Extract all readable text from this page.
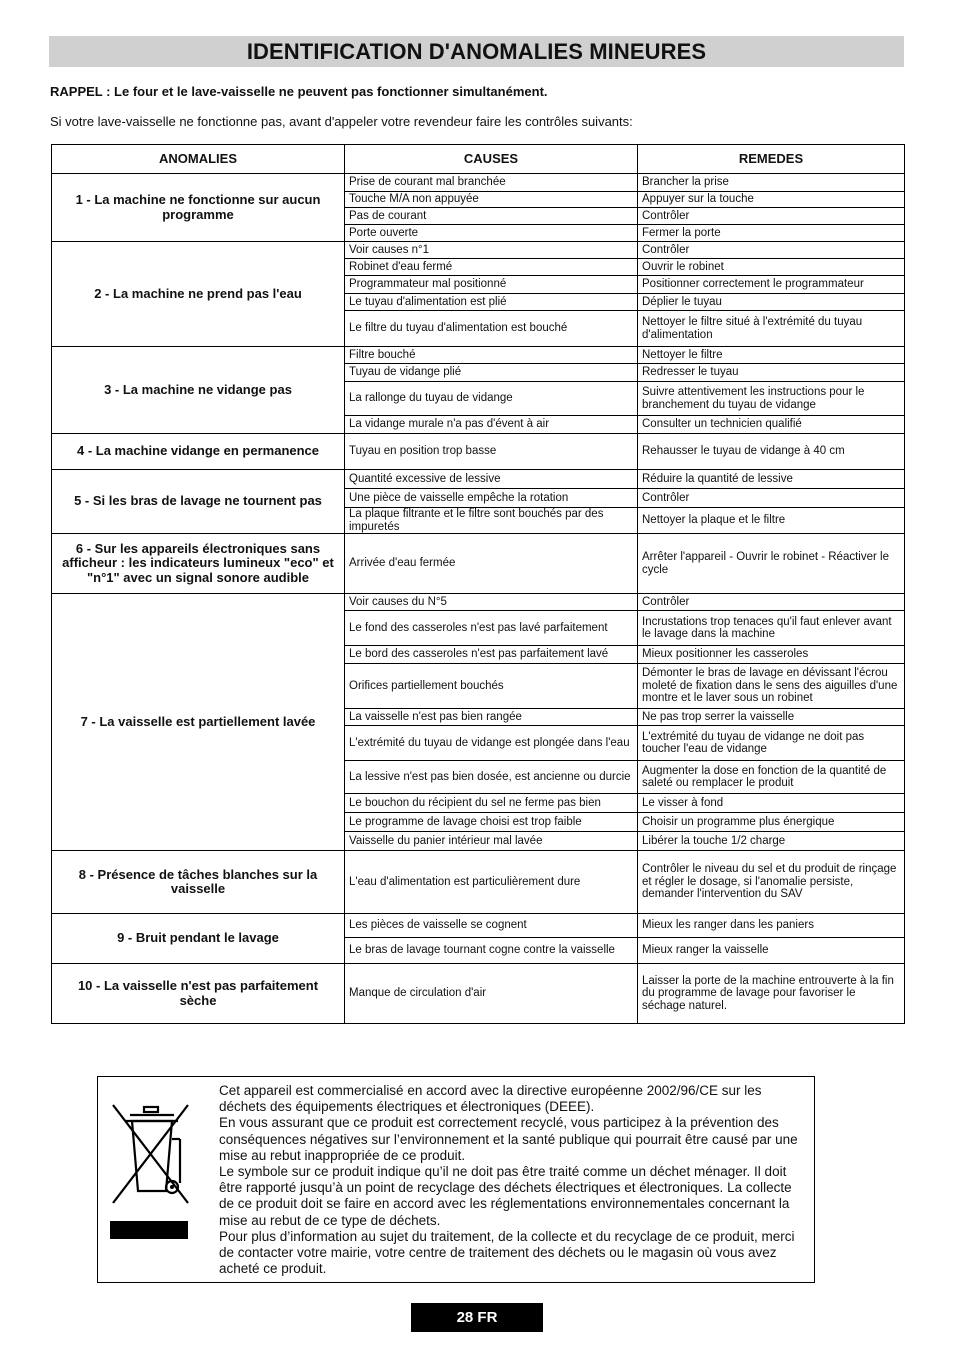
IDENTIFICATION D'ANOMALIES MINEURES
RAPPEL : Le four et le lave-vaisselle ne peuvent pas fonctionner simultanément.
Si votre lave-vaisselle ne fonctionne pas, avant d'appeler votre revendeur faire les contrôles suivants:
ANOMALIES	CAUSES	REMEDES
1 - La machine ne fonctionne sur aucun programme	Prise de courant mal branchée	Brancher la prise
	Touche M/A non appuyée	Appuyer sur la touche
	Pas de courant	Contrôler
	Porte ouverte	Fermer la porte
2 - La machine ne prend pas l'eau	Voir causes n°1	Contrôler
	Robinet d'eau fermé	Ouvrir le robinet
	Programmateur mal positionné	Positionner correctement le programmateur
	Le tuyau d'alimentation est plié	Déplier le tuyau
	Le filtre du tuyau d'alimentation est bouché	Nettoyer le filtre situé à l'extrémité du tuyau d'alimentation
3 - La machine ne vidange pas	Filtre bouché	Nettoyer le filtre
	Tuyau de vidange plié	Redresser le tuyau
	La rallonge du tuyau de vidange	Suivre attentivement les instructions pour le branchement du tuyau de vidange
	La vidange murale n'a pas d'évent à air	Consulter un technicien qualifié
4 - La machine vidange en permanence	Tuyau en position trop basse	Rehausser le tuyau de vidange à 40 cm
5 - Si les bras de lavage ne tournent pas	Quantité excessive de lessive	Réduire la quantité de lessive
	Une pièce de vaisselle empêche la rotation	Contrôler
	La plaque filtrante et le filtre sont bouchés par des impuretés	Nettoyer la plaque et le filtre
6 - Sur les appareils électroniques sans afficheur : les indicateurs lumineux "eco" et "n°1" avec un signal sonore audible	Arrivée d'eau fermée	Arrêter l'appareil - Ouvrir le robinet - Réactiver le cycle
7 - La vaisselle est partiellement lavée	Voir causes du N°5	Contrôler
	Le fond des casseroles n'est pas lavé parfaitement	Incrustations trop tenaces qu'il faut enlever avant le lavage dans la machine
	Le bord des casseroles n'est pas parfaitement lavé	Mieux positionner les casseroles
	Orifices partiellement bouchés	Démonter le bras de lavage en dévissant l'écrou moleté de fixation dans le sens des aiguilles d'une montre et le laver sous un robinet
	La vaisselle n'est pas bien rangée	Ne pas trop serrer la vaisselle
	L'extrémité du tuyau de vidange est plongée dans l'eau	L'extrémité du tuyau de vidange ne doit pas toucher l'eau de vidange
	La lessive n'est pas bien dosée, est ancienne ou durcie	Augmenter la dose en fonction de la quantité de saleté ou remplacer le produit
	Le bouchon du récipient du sel ne ferme pas bien	Le visser à fond
	Le programme de lavage choisi est trop faible	Choisir un programme plus énergique
	Vaisselle du panier intérieur mal lavée	Libérer la touche 1/2 charge
8 - Présence de tâches blanches sur la vaisselle	L'eau d'alimentation est particulièrement dure	Contrôler le niveau du sel et du produit de rinçage et régler le dosage, si l'anomalie persiste, demander l'intervention du SAV
9 - Bruit pendant le lavage	Les pièces de vaisselle se cognent	Mieux les ranger dans les paniers
	Le bras de lavage tournant cogne contre la vaisselle	Mieux ranger la vaisselle
10 - La vaisselle n'est pas parfaitement sèche	Manque de circulation d'air	Laisser la porte de la machine entrouverte à la fin du programme de lavage pour favoriser le séchage naturel.

Cet appareil est commercialisé en accord avec la directive européenne 2002/96/CE sur les déchets des équipements électriques et électroniques (DEEE).

En vous assurant que ce produit est correctement recyclé, vous participez à la prévention des conséquences négatives sur l’environnement et la santé publique qui pourrait être causé par une mise au rebut inappropriée de ce produit.

Le symbole sur ce produit indique qu’il ne doit pas être traité comme un déchet ménager. Il doit être rapporté jusqu’à un point de recyclage des déchets électriques et électroniques. La collecte de ce produit doit se faire en accord avec les réglementations environnementales concernant la mise au rebut de ce type de déchets.

Pour plus d’information au sujet du traitement, de la collecte et du recyclage de ce produit, merci de contacter votre mairie, votre centre de traitement des déchets ou le magasin où vous avez acheté ce produit.

28 FR
